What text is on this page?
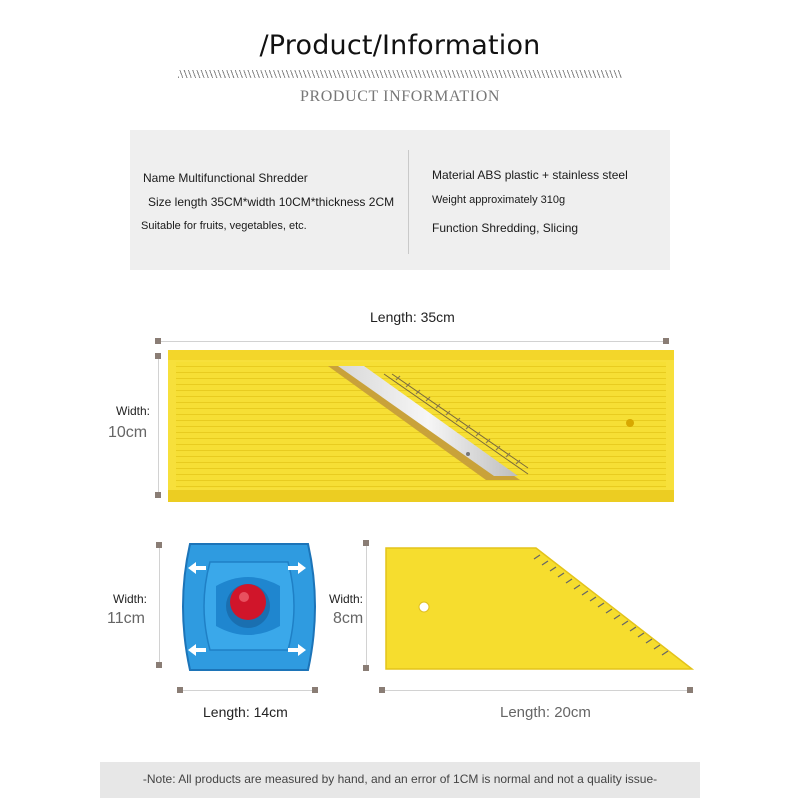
/Product/Information
PRODUCT INFORMATION
Name Multifunctional Shredder
Size length 35CM*width 10CM*thickness 2CM
Suitable for fruits, vegetables, etc.
Material ABS plastic + stainless steel
Weight approximately 310g
Function Shredding, Slicing
Length: 35cm
Width:
10cm
Width:
11cm
Length: 14cm
Width:
8cm
Length: 20cm
-Note: All products are measured by hand, and an error of 1CM is normal and not a quality issue-
